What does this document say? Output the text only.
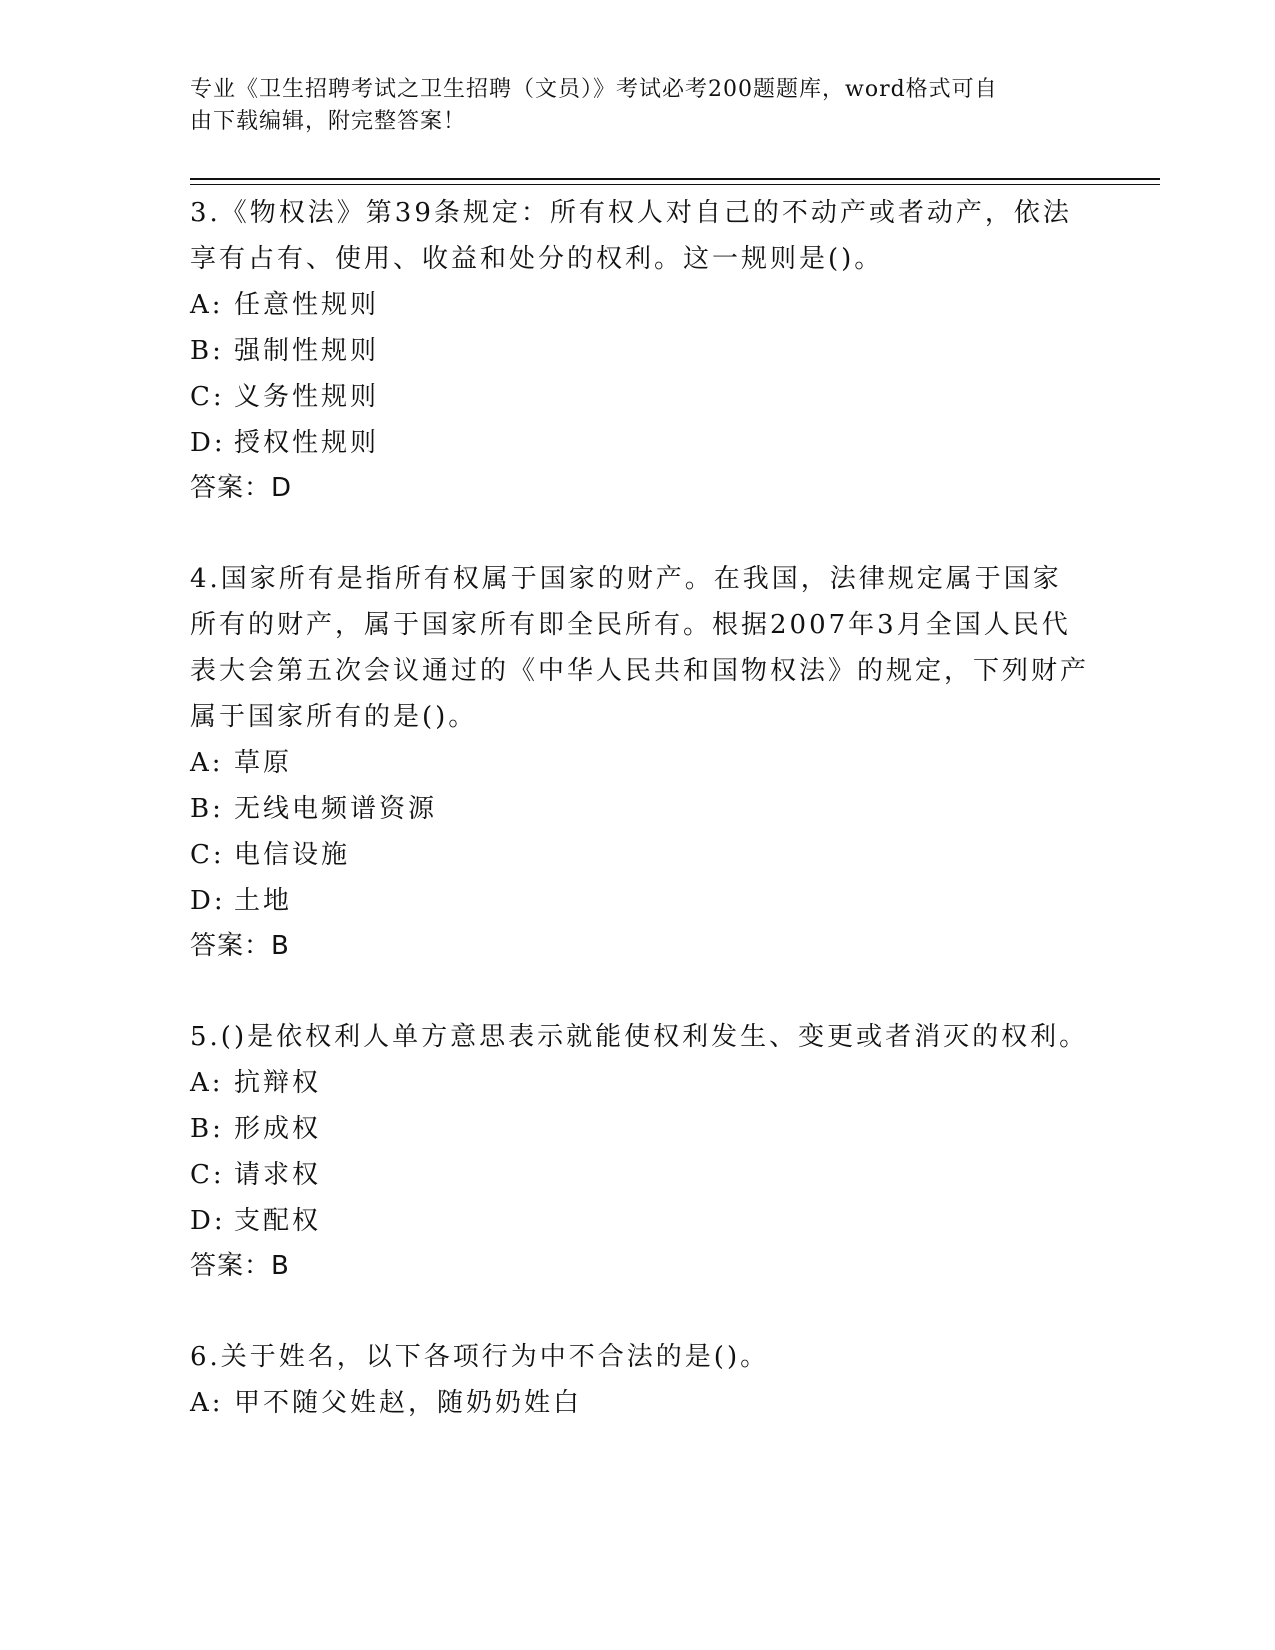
专业《卫生招聘考试之卫生招聘（文员）》考试必考200题题库，word格式可自
由下载编辑，附完整答案！

3.《物权法》第39条规定：所有权人对自己的不动产或者动产，依法享有占有、使用、收益和处分的权利。这一规则是()。

A: 任意性规则

B: 强制性规则

C: 义务性规则

D: 授权性规则

答案：D

4.国家所有是指所有权属于国家的财产。在我国，法律规定属于国家所有的财产，属于国家所有即全民所有。根据2007年3月全国人民代表大会第五次会议通过的《中华人民共和国物权法》的规定，下列财产属于国家所有的是()。

A: 草原

B: 无线电频谱资源

C: 电信设施

D: 土地

答案：B

5.()是依权利人单方意思表示就能使权利发生、变更或者消灭的权利。

A: 抗辩权

B: 形成权

C: 请求权

D: 支配权

答案：B

6.关于姓名，以下各项行为中不合法的是()。

A: 甲不随父姓赵，随奶奶姓白
